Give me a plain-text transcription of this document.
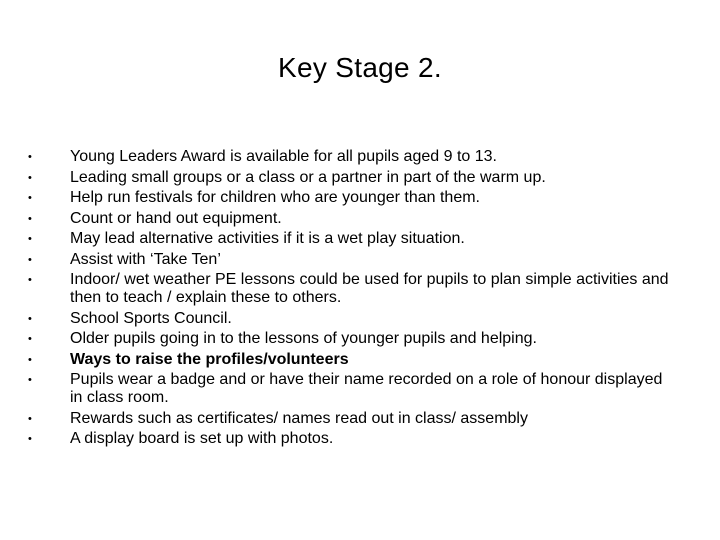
Key Stage 2.
•	Young Leaders Award is available for all pupils aged 9 to 13.
•	Leading small groups or a class or a partner in part of the warm up.
•	Help run festivals for children who are younger than them.
•	Count or hand out equipment.
•	May lead alternative activities if it is a wet play situation.
•	Assist with ‘Take Ten’
•	Indoor/ wet weather PE lessons could be used for pupils to plan simple activities and then to teach / explain these to others.
•	School Sports Council.
•	Older pupils going in to the lessons of younger pupils and helping.
•	Ways to raise the profiles/volunteers
•	Pupils wear a badge and or have their name recorded on a role of honour displayed in class room.
•	Rewards such as certificates/ names read out in class/ assembly
•	A display board is set up with photos.
